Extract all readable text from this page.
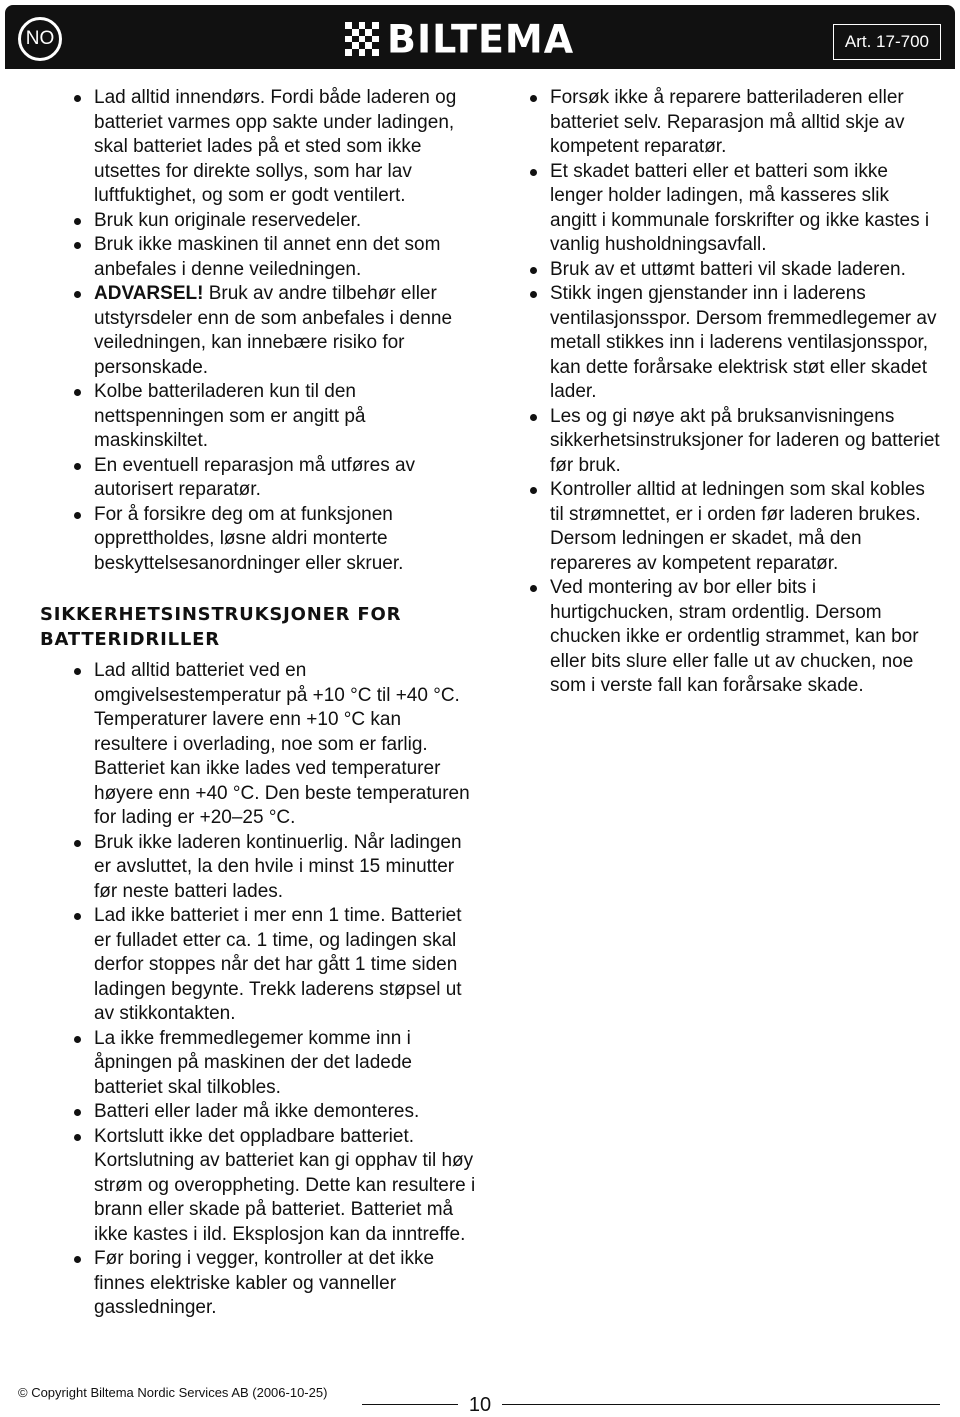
NO	BILTEMA	Art. 17-700
Lad alltid innendørs. Fordi både laderen og batteriet varmes opp sakte under ladingen, skal batteriet lades på et sted som ikke utsettes for direkte sollys, som har lav luftfuktighet, og som er godt ventilert.
Bruk kun originale reservedeler.
Bruk ikke maskinen til annet enn det som anbefales i denne veiledningen.
ADVARSEL! Bruk av andre tilbehør eller utstyrsdeler enn de som anbefales i denne veiledningen, kan innebære risiko for personskade.
Kolbe batteriladeren kun til den nettspenningen som er angitt på maskinskiltet.
En eventuell reparasjon må utføres av autorisert reparatør.
For å forsikre deg om at funksjonen opprettholdes, løsne aldri monterte beskyttelsesanordninger eller skruer.
SIKKERHETSINSTRUKSJONER FOR BATTERIDRILLER
Lad alltid batteriet ved en omgivelsestemperatur på +10 °C til +40 °C. Temperaturer lavere enn +10 °C kan resultere i overlading, noe som er farlig. Batteriet kan ikke lades ved temperaturer høyere enn +40 °C. Den beste temperaturen for lading er +20–25 °C.
Bruk ikke laderen kontinuerlig. Når ladingen er avsluttet, la den hvile i minst 15 minutter før neste batteri lades.
Lad ikke batteriet i mer enn 1 time. Batteriet er fulladet etter ca. 1 time, og ladingen skal derfor stoppes når det har gått 1 time siden ladingen begynte. Trekk laderens støpsel ut av stikkontakten.
La ikke fremmedlegemer komme inn i åpningen på maskinen der det ladede batteriet skal tilkobles.
Batteri eller lader må ikke demonteres.
Kortslutt ikke det oppladbare batteriet. Kortslutning av batteriet kan gi opphav til høy strøm og overoppheting. Dette kan resultere i brann eller skade på batteriet. Batteriet må ikke kastes i ild. Eksplosjon kan da inntreffe.
Før boring i vegger, kontroller at det ikke finnes elektriske kabler og vanneller gassledninger.
Forsøk ikke å reparere batteriladeren eller batteriet selv. Reparasjon må alltid skje av kompetent reparatør.
Et skadet batteri eller et batteri som ikke lenger holder ladingen, må kasseres slik angitt i kommunale forskrifter og ikke kastes i vanlig husholdningsavfall.
Bruk av et uttømt batteri vil skade laderen.
Stikk ingen gjenstander inn i laderens ventilasjonsspor. Dersom fremmedlegemer av metall stikkes inn i laderens ventilasjonsspor, kan dette forårsake elektrisk støt eller skadet lader.
Les og gi nøye akt på bruksanvisningens sikkerhetsinstruksjoner for laderen og batteriet før bruk.
Kontroller alltid at ledningen som skal kobles til strømnettet, er i orden før laderen brukes. Dersom ledningen er skadet, må den repareres av kompetent reparatør.
Ved montering av bor eller bits i hurtigchucken, stram ordentlig. Dersom chucken ikke er ordentlig strammet, kan bor eller bits slure eller falle ut av chucken, noe som i verste fall kan forårsake skade.
© Copyright Biltema Nordic Services AB (2006-10-25)
10
